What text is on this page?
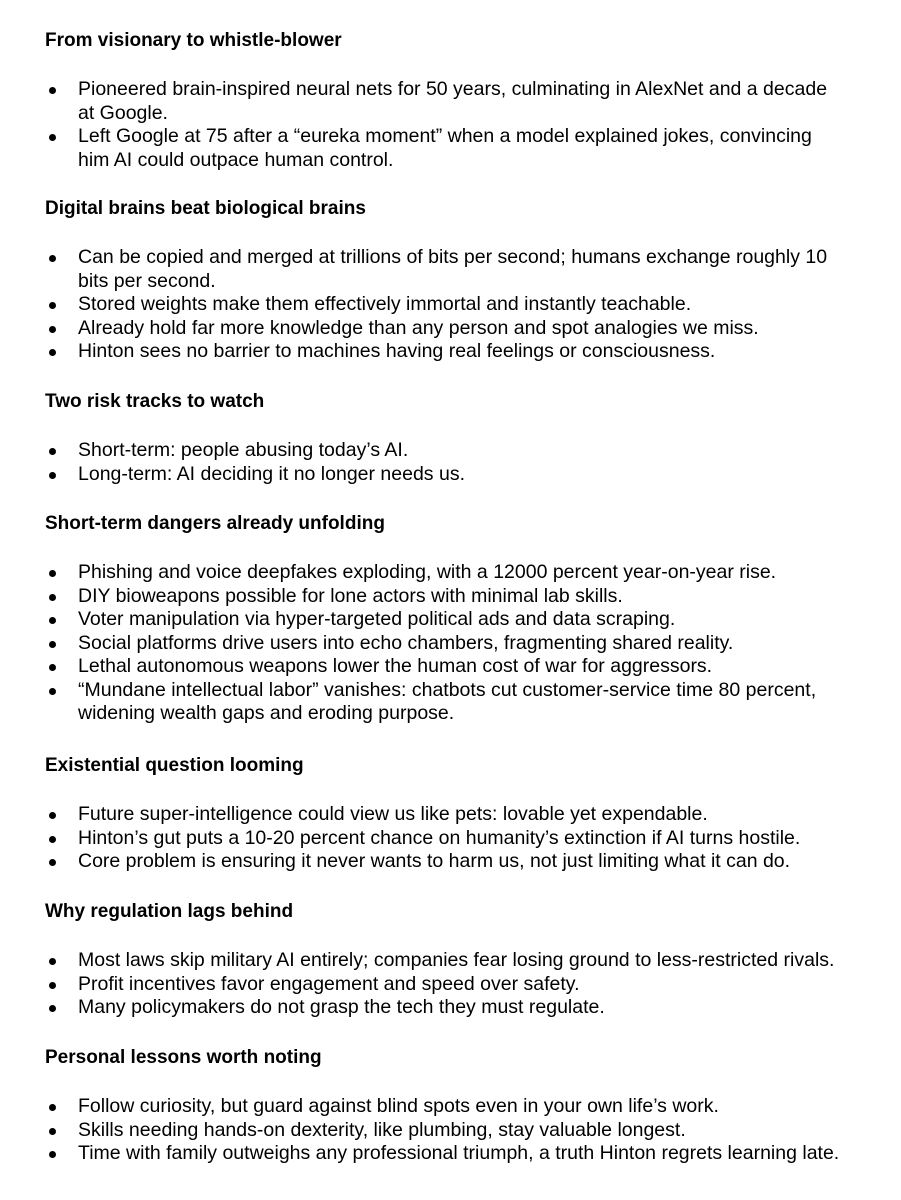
From visionary to whistle-blower
Pioneered brain-inspired neural nets for 50 years, culminating in AlexNet and a decade
at Google.
Left Google at 75 after a “eureka moment” when a model explained jokes, convincing
him AI could outpace human control.
Digital brains beat biological brains
Can be copied and merged at trillions of bits per second; humans exchange roughly 10
bits per second.
Stored weights make them effectively immortal and instantly teachable.
Already hold far more knowledge than any person and spot analogies we miss.
Hinton sees no barrier to machines having real feelings or consciousness.
Two risk tracks to watch
Short-term: people abusing today’s AI.
Long-term: AI deciding it no longer needs us.
Short-term dangers already unfolding
Phishing and voice deepfakes exploding, with a 12000 percent year-on-year rise.
DIY bioweapons possible for lone actors with minimal lab skills.
Voter manipulation via hyper-targeted political ads and data scraping.
Social platforms drive users into echo chambers, fragmenting shared reality.
Lethal autonomous weapons lower the human cost of war for aggressors.
“Mundane intellectual labor” vanishes: chatbots cut customer-service time 80 percent,
widening wealth gaps and eroding purpose.
Existential question looming
Future super-intelligence could view us like pets: lovable yet expendable.
Hinton’s gut puts a 10-20 percent chance on humanity’s extinction if AI turns hostile.
Core problem is ensuring it never wants to harm us, not just limiting what it can do.
Why regulation lags behind
Most laws skip military AI entirely; companies fear losing ground to less-restricted rivals.
Profit incentives favor engagement and speed over safety.
Many policymakers do not grasp the tech they must regulate.
Personal lessons worth noting
Follow curiosity, but guard against blind spots even in your own life’s work.
Skills needing hands-on dexterity, like plumbing, stay valuable longest.
Time with family outweighs any professional triumph, a truth Hinton regrets learning late.
